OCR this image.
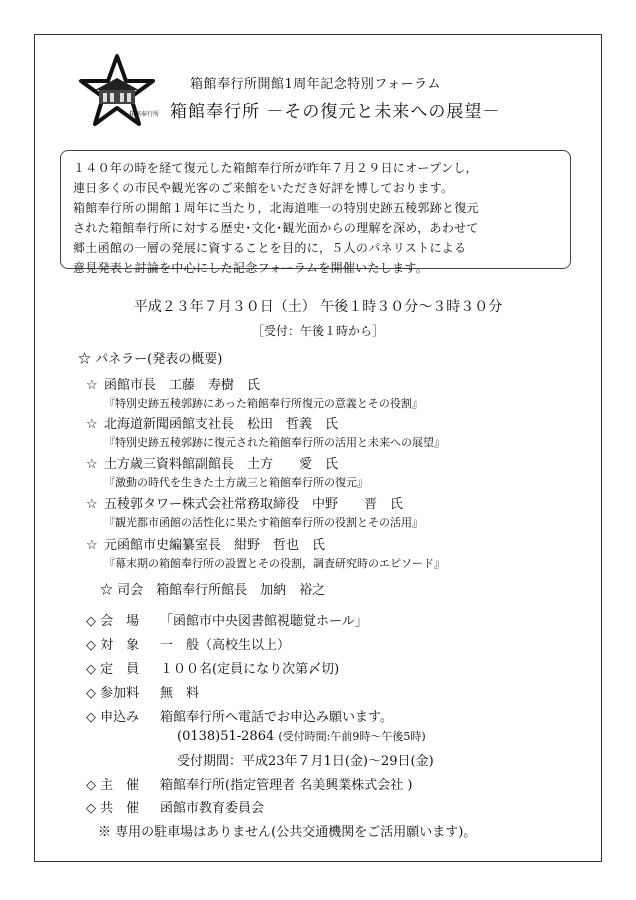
箱館奉行所
箱館奉行所開館1周年記念特別フォーラム
箱館奉行所 －その復元と未来への展望－

１４０年の時を経て復元した箱館奉行所が昨年７月２９日にオープンし，

連日多くの市民や観光客のご来館をいただき好評を博しております。

箱館奉行所の開館１周年に当たり，北海道唯一の特別史跡五稜郭跡と復元

された箱館奉行所に対する歴史･文化･観光面からの理解を深め，あわせて

郷土函館の一層の発展に資することを目的に，５人のパネリストによる

意見発表と討論を中心にした記念フォーラムを開催いたします。

平成２３年７月３０日（土） 午後１時３０分～３時３０分
［受付：午後１時から］
☆ パネラー(発表の概要)
☆ 函館市長　工藤　寿樹　氏
『特別史跡五稜郭跡にあった箱館奉行所復元の意義とその役割』
☆ 北海道新聞函館支社長　松田　哲義　氏
『特別史跡五稜郭跡に復元された箱館奉行所の活用と未来への展望』
☆ 土方歳三資料館副館長　土方　　愛　氏
『激動の時代を生きた土方歳三と箱館奉行所の復元』
☆ 五稜郭タワー株式会社常務取締役　中野　　晋　氏
『観光都市函館の活性化に果たす箱館奉行所の役割とその活用』
☆ 元函館市史編纂室長　紺野　哲也　氏
『幕末期の箱館奉行所の設置とその役割，調査研究時のエピソード』
☆ 司会　箱館奉行所館長　加納　裕之
◇ 会　場 「函館市中央図書館視聴覚ホール」
◇ 対　象 一　般（高校生以上）
◇ 定　員 １００名(定員になり次第〆切)
◇ 参加料 無　料
◇ 申込み 箱館奉行所へ電話でお申込み願います。
(0138)51-2864 (受付時間:午前9時～午後5時)
受付期間：平成23年７月1日(金)～29日(金)
◇ 主　催 箱館奉行所(指定管理者 名美興業株式会社 )
◇ 共　催 函館市教育委員会
※ 専用の駐車場はありません(公共交通機関をご活用願います)。
